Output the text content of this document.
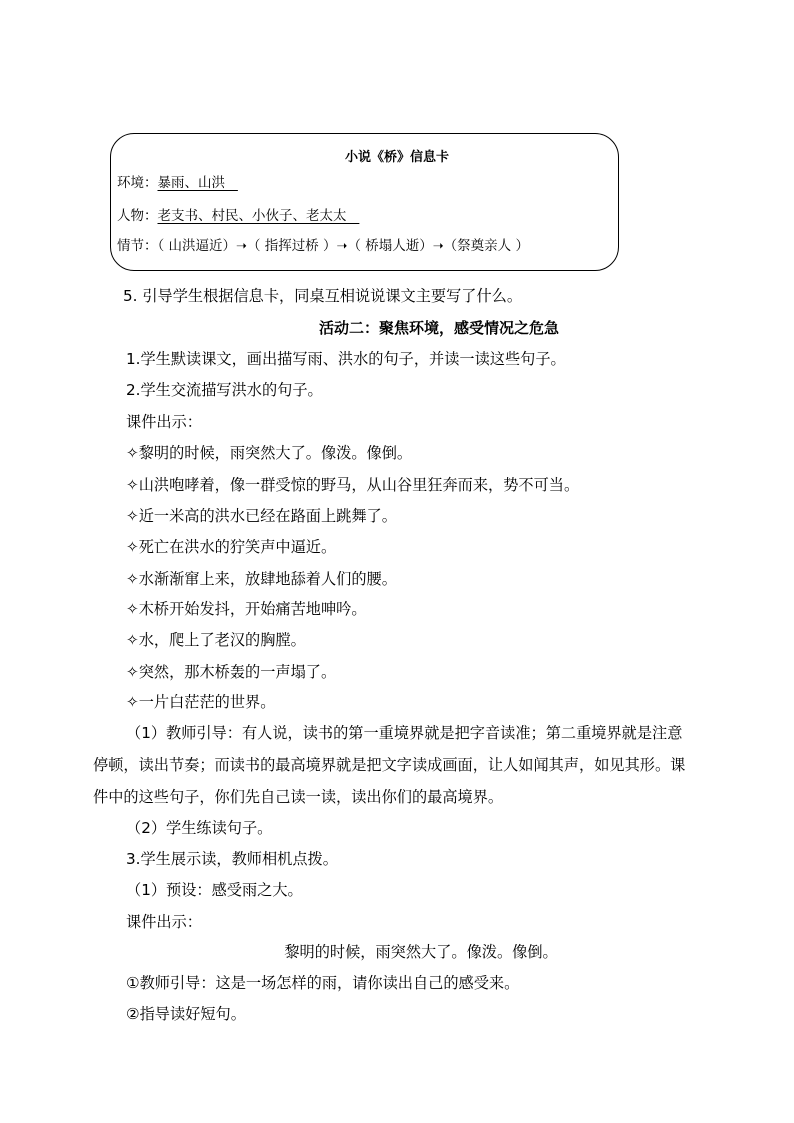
小说《桥》信息卡
环境：暴雨、山洪
人物：老支书、村民、小伙子、老太太
情节：（ 山洪逼近）➝（ 指挥过桥 ）➝（ 桥塌人逝）➝（祭奠亲人 ）
5. 引导学生根据信息卡，同桌互相说说课文主要写了什么。
活动二：聚焦环境，感受情况之危急
1.学生默读课文，画出描写雨、洪水的句子，并读一读这些句子。
2.学生交流描写洪水的句子。
课件出示：
✧黎明的时候，雨突然大了。像泼。像倒。
✧山洪咆哮着，像一群受惊的野马，从山谷里狂奔而来，势不可当。
✧近一米高的洪水已经在路面上跳舞了。
✧死亡在洪水的狞笑声中逼近。
✧水渐渐窜上来，放肆地舔着人们的腰。
✧木桥开始发抖，开始痛苦地呻吟。
✧水，爬上了老汉的胸膛。
✧突然，那木桥轰的一声塌了。
✧一片白茫茫的世界。
（1）教师引导：有人说，读书的第一重境界就是把字音读准；第二重境界就是注意
停顿，读出节奏；而读书的最高境界就是把文字读成画面，让人如闻其声，如见其形。课
件中的这些句子，你们先自己读一读，读出你们的最高境界。
（2）学生练读句子。
3.学生展示读，教师相机点拨。
（1）预设：感受雨之大。
课件出示：
黎明的时候，雨突然大了。像泼。像倒。
①教师引导：这是一场怎样的雨，请你读出自己的感受来。
②指导读好短句。
